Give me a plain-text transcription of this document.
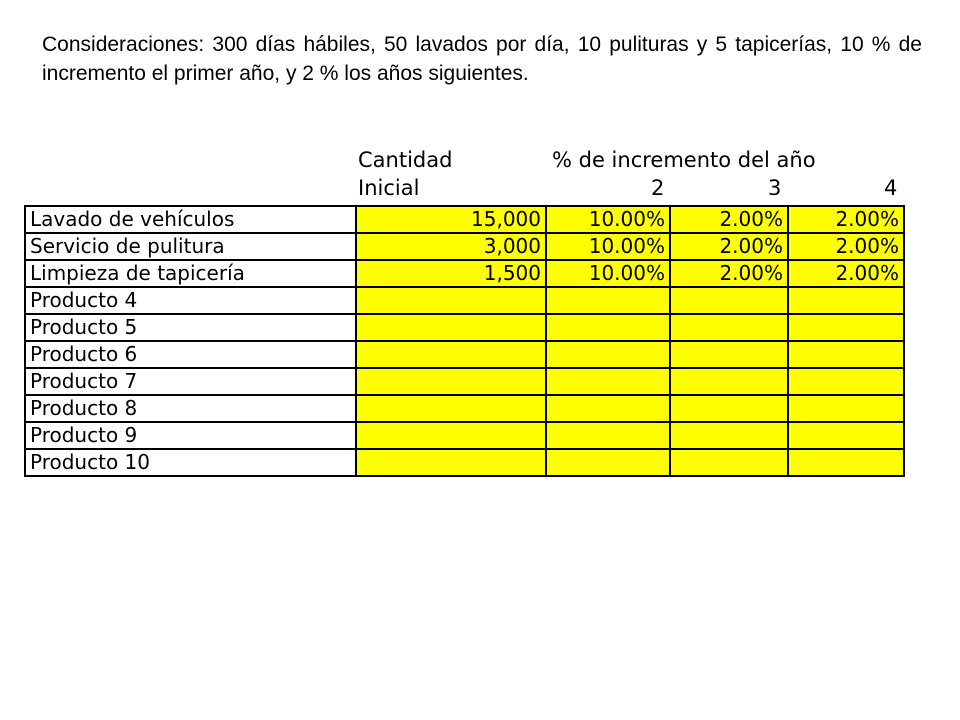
Consideraciones: 300 días hábiles, 50 lavados por día, 10 pulituras y 5 tapicerías, 10 % de incremento el primer año, y 2 % los años siguientes.

Cantidad
Inicial
% de incremento del año
2	3	4
Lavado de vehículos	15,000	10.00%	2.00%	2.00%
Servicio de pulitura	3,000	10.00%	2.00%	2.00%
Limpieza de tapicería	1,500	10.00%	2.00%	2.00%
Producto 4				
Producto 5				
Producto 6				
Producto 7				
Producto 8				
Producto 9				
Producto 10				
